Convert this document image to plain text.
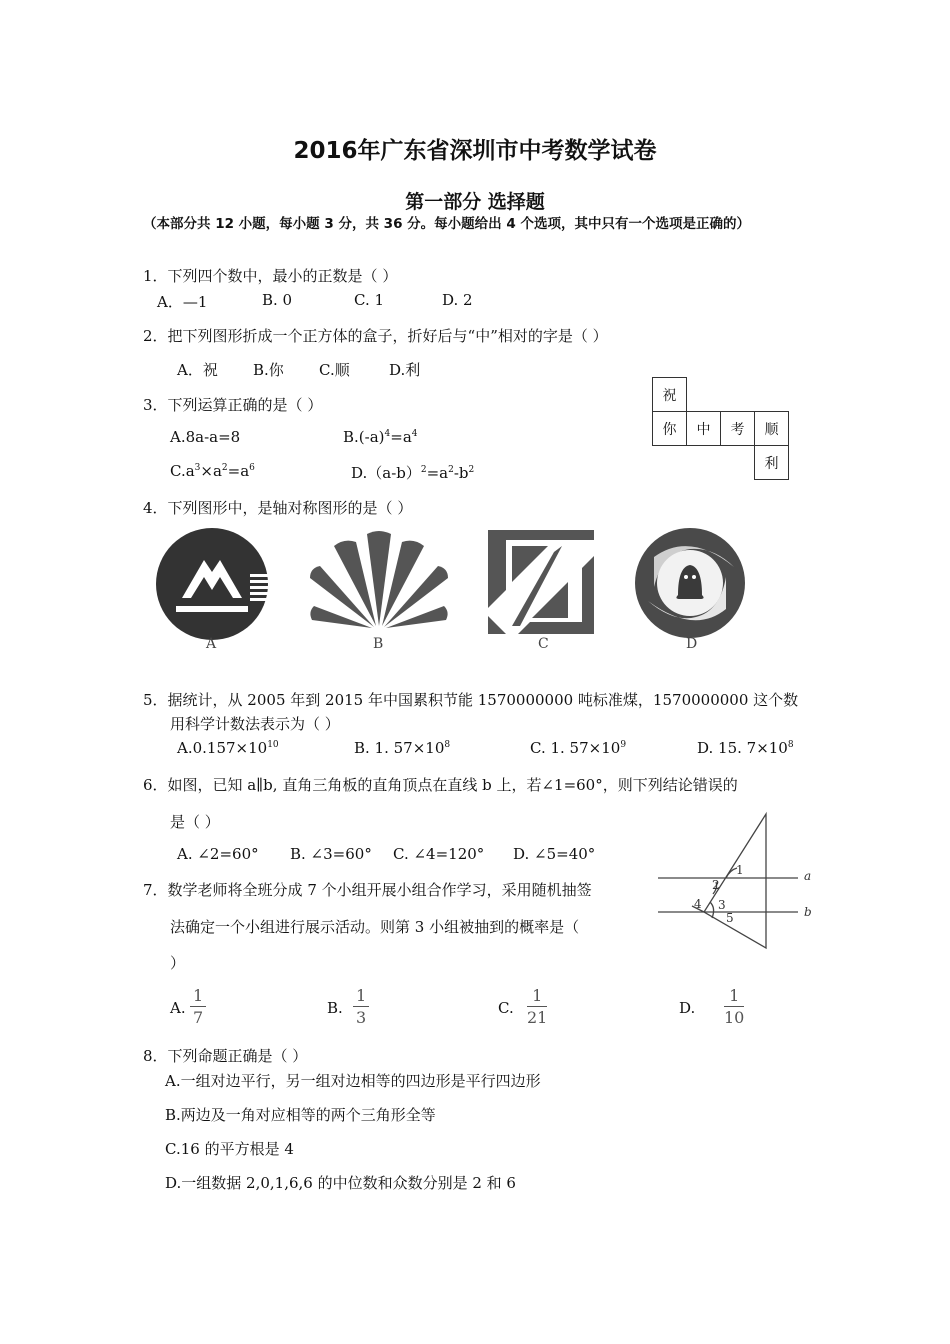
2016年广东省深圳市中考数学试卷
第一部分 选择题
（本部分共 12 小题，每小题 3 分，共 36 分。每小题给出 4 个选项，其中只有一个选项是正确的）
1．下列四个数中，最小的正数是（ ）
A．—1	B. 0	C. 1	D. 2
2．把下列图形折成一个正方体的盒子，折好后与“中”相对的字是（ ）
A．祝 B.你 C.顺	D.利
祝			
你	中	考	顺
			利
3．下列运算正确的是（ ）
A.8a-a=8	$B.(-a)^4=a^4$
$C.a^3\times a^2=a^6$	$D.(a-b)^2=a^2-b^2$
4．下列图形中，是轴对称图形的是（ ）
A	B	C	D
5．据统计，从 2005 年到 2015 年中国累积节能 1570000000 吨标准煤，1570000000 这个数
用科学计数法表示为（ ）
$A.0.157\times 10^{10}$	B. 1. $57\times 10^8$	C. 1. $57\times 10^9$	D. 15. $7\times 10^8$
6．如图，已知 a∥b, 直角三角板的直角顶点在直线 b 上，若∠1=60°，则下列结论错误的
是（ ）
A. ∠2=60° B. ∠3=60° C. ∠4=120° D. ∠5=40°
1
2
3
4
5
a
b
7．数学老师将全班分成 7 个小组开展小组合作学习，采用随机抽签
法确定一个小组进行展示活动。则第 3 小组被抽到的概率是（
）
A. $\frac{1}{7}$	B. $\frac{1}{3}$	C. $\frac{1}{21}$	D. $\frac{1}{10}$
8．下列命题正确是（ ）
A.一组对边平行，另一组对边相等的四边形是平行四边形
B.两边及一角对应相等的两个三角形全等
C.16 的平方根是 4
D.一组数据 2,0,1,6,6 的中位数和众数分别是 2 和 6
